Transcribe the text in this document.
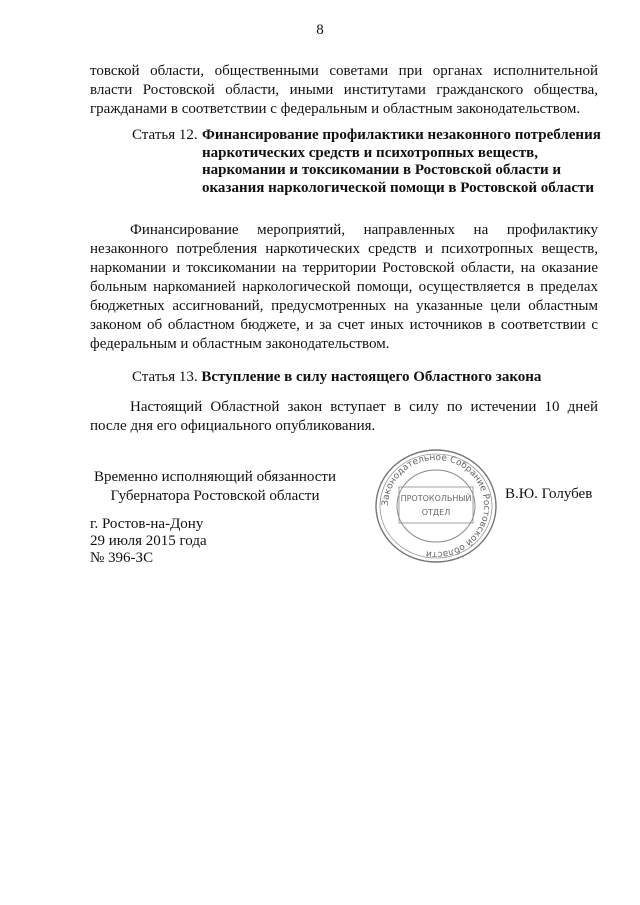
8
товской области, общественными советами при органах исполнительной власти Ростовской области, иными институтами гражданского общества, гражданами в соответствии с федеральным и областным законодательством.
Статья 12. Финансирование профилактики незаконного потребления наркотических средств и психотропных веществ, наркомании и токсикомании в Ростовской области и оказания наркологической помощи в Ростовской области
Финансирование мероприятий, направленных на профилактику незаконного потребления наркотических средств и психотропных веществ, наркомании и токсикомании на территории Ростовской области, на оказание больным наркоманией наркологической помощи, осуществляется в пределах бюджетных ассигнований, предусмотренных на указанные цели областным законом об областном бюджете, и за счет иных источников в соответствии с федеральным и областным законодательством.
Статья 13. Вступление в силу настоящего Областного закона
Настоящий Областной закон вступает в силу по истечении 10 дней после дня его официального опубликования.
Временно исполняющий обязанности
Губернатора Ростовской области	Законодательное Собрание Ростовской области
ПРОТОКОЛЬНЫЙ
ОТДЕЛ
В.Ю. Голубев
г. Ростов-на-Дону
29 июля 2015 года
№ 396-ЗС
